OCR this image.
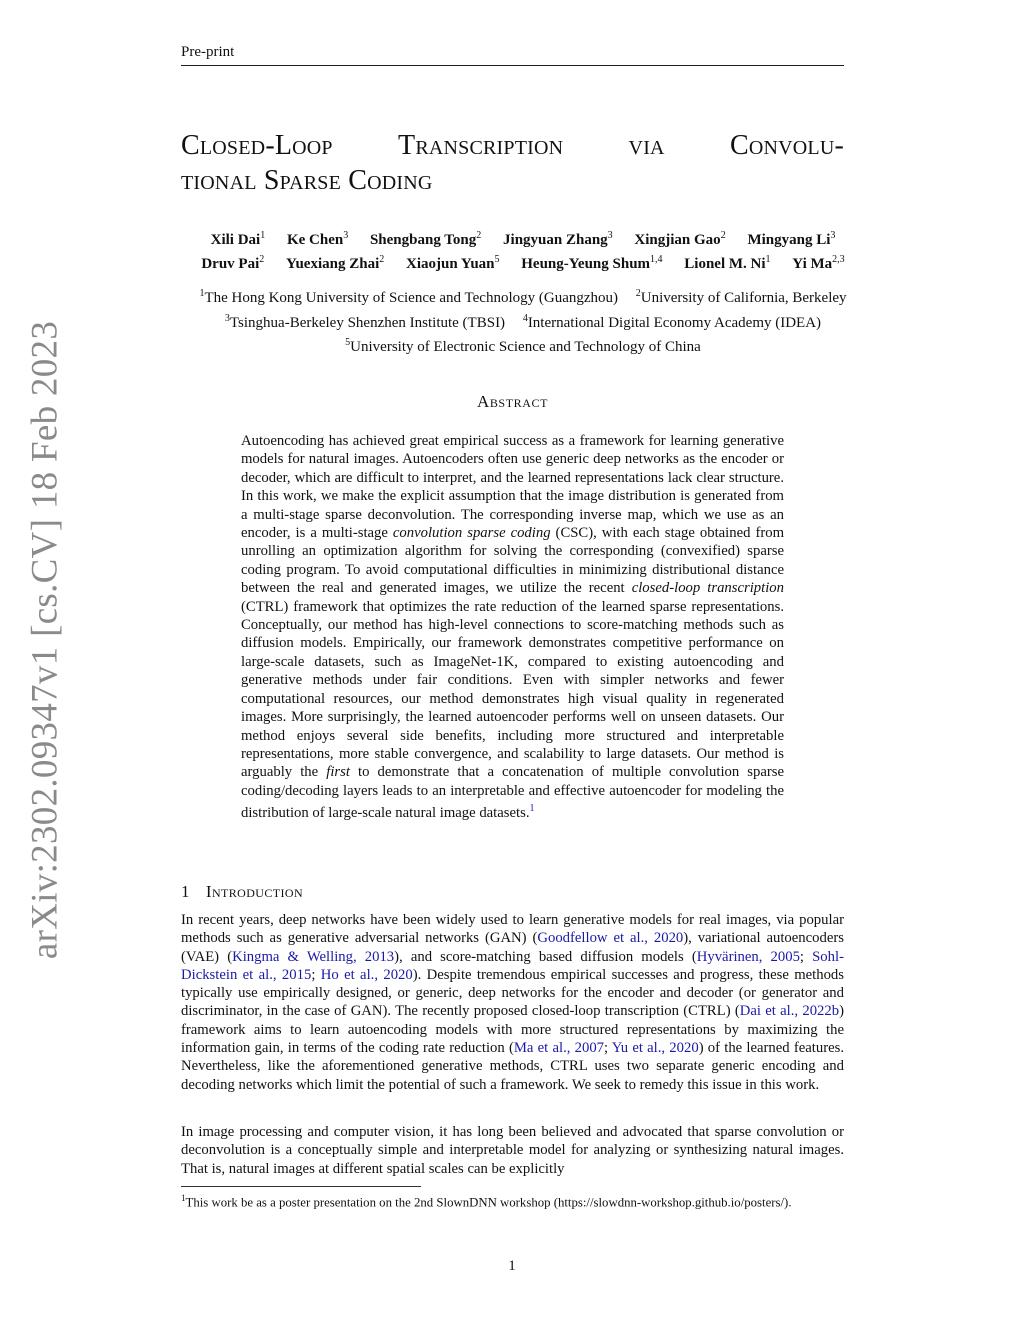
Pre-print
arXiv:2302.09347v1 [cs.CV] 18 Feb 2023
Closed-Loop Transcription via Convolu-
tional Sparse Coding
Xili Dai$^1$ Ke Chen$^3$ Shengbang Tong$^2$ Jingyuan Zhang$^3$ Xingjian Gao$^2$ Mingyang Li$^3$
Druv Pai$^2$ Yuexiang Zhai$^2$ Xiaojun Yuan$^5$ Heung-Yeung Shum$^{1,4}$ Lionel M. Ni$^1$ Yi Ma$^{2,3}$
$^1$The Hong Kong University of Science and Technology (Guangzhou) $^2$University of California, Berkeley
$^3$Tsinghua-Berkeley Shenzhen Institute (TBSI) $^4$International Digital Economy Academy (IDEA)
$^5$University of Electronic Science and Technology of China
Abstract
Autoencoding has achieved great empirical success as a framework for learning generative models for natural images. Autoencoders often use generic deep networks as the encoder or decoder, which are difficult to interpret, and the learned representations lack clear structure. In this work, we make the explicit assumption that the image distribution is generated from a multi-stage sparse deconvolution. The corresponding inverse map, which we use as an encoder, is a multi-stage convolution sparse coding (CSC), with each stage obtained from unrolling an optimization algorithm for solving the corresponding (convexified) sparse coding program. To avoid computational difficulties in minimizing distributional distance between the real and generated images, we utilize the recent closed-loop transcription (CTRL) framework that optimizes the rate reduction of the learned sparse representations. Conceptually, our method has high-level connections to score-matching methods such as diffusion models. Empirically, our framework demonstrates competitive performance on large-scale datasets, such as ImageNet-1K, compared to existing autoencoding and generative methods under fair conditions. Even with simpler networks and fewer computational resources, our method demonstrates high visual quality in regenerated images. More surprisingly, the learned autoencoder performs well on unseen datasets. Our method enjoys several side benefits, including more structured and interpretable representations, more stable convergence, and scalability to large datasets. Our method is arguably the first to demonstrate that a concatenation of multiple convolution sparse coding/decoding layers leads to an interpretable and effective autoencoder for modeling the distribution of large-scale natural image datasets.$^1$
1 Introduction
In recent years, deep networks have been widely used to learn generative models for real images, via popular methods such as generative adversarial networks (GAN) (Goodfellow et al., 2020), variational autoencoders (VAE) (Kingma & Welling, 2013), and score-matching based diffusion models (Hyvärinen, 2005; Sohl-Dickstein et al., 2015; Ho et al., 2020). Despite tremendous empirical successes and progress, these methods typically use empirically designed, or generic, deep networks for the encoder and decoder (or generator and discriminator, in the case of GAN). The recently proposed closed-loop transcription (CTRL) (Dai et al., 2022b) framework aims to learn autoencoding models with more structured representations by maximizing the information gain, in terms of the coding rate reduction (Ma et al., 2007; Yu et al., 2020) of the learned features. Nevertheless, like the aforementioned generative methods, CTRL uses two separate generic encoding and decoding networks which limit the potential of such a framework. We seek to remedy this issue in this work.
In image processing and computer vision, it has long been believed and advocated that sparse convolution or deconvolution is a conceptually simple and interpretable model for analyzing or synthesizing natural images. That is, natural images at different spatial scales can be explicitly
$^1$This work be as a poster presentation on the 2nd SlownDNN workshop (https://slowdnn-workshop.github.io/posters/).
1
